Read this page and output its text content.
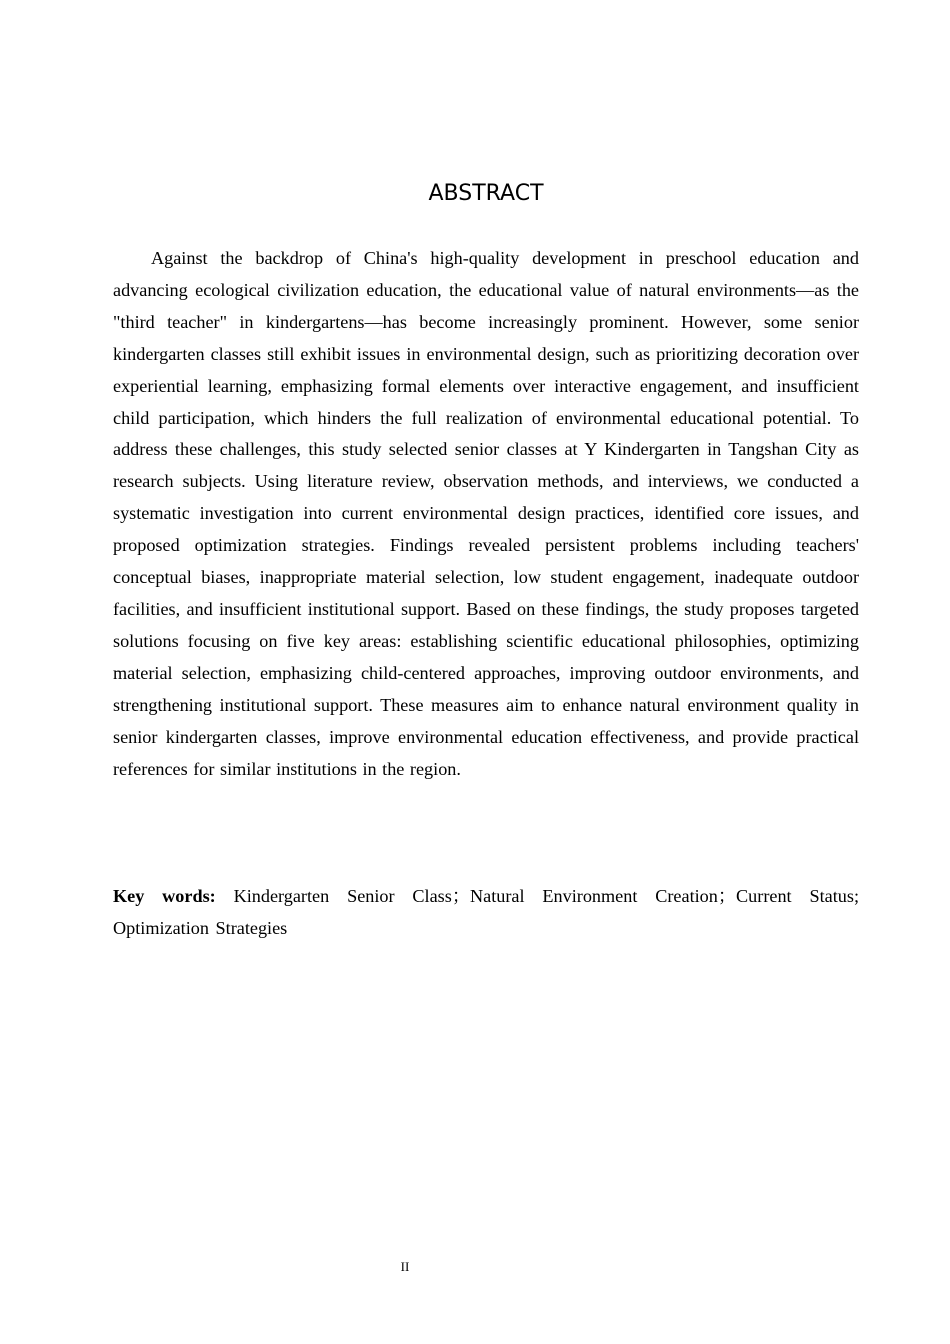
ABSTRACT

Against the backdrop of China's high-quality development in preschool education and advancing ecological civilization education, the educational value of natural environments—as the "third teacher" in kindergartens—has become increasingly prominent. However, some senior kindergarten classes still exhibit issues in environmental design, such as prioritizing decoration over experiential learning, emphasizing formal elements over interactive engagement, and insufficient child participation, which hinders the full realization of environmental educational potential. To address these challenges, this study selected senior classes at Y Kindergarten in Tangshan City as research subjects. Using literature review, observation methods, and interviews, we conducted a systematic investigation into current environmental design practices, identified core issues, and proposed optimization strategies. Findings revealed persistent problems including teachers' conceptual biases, inappropriate material selection, low student engagement, inadequate outdoor facilities, and insufficient institutional support. Based on these findings, the study proposes targeted solutions focusing on five key areas: establishing scientific educational philosophies, optimizing material selection, emphasizing child-centered approaches, improving outdoor environments, and strengthening institutional support. These measures aim to enhance natural environment quality in senior kindergarten classes, improve environmental education effectiveness, and provide practical references for similar institutions in the region.

Key words: Kindergarten Senior Class；Natural Environment Creation；Current Status; Optimization Strategies

II
